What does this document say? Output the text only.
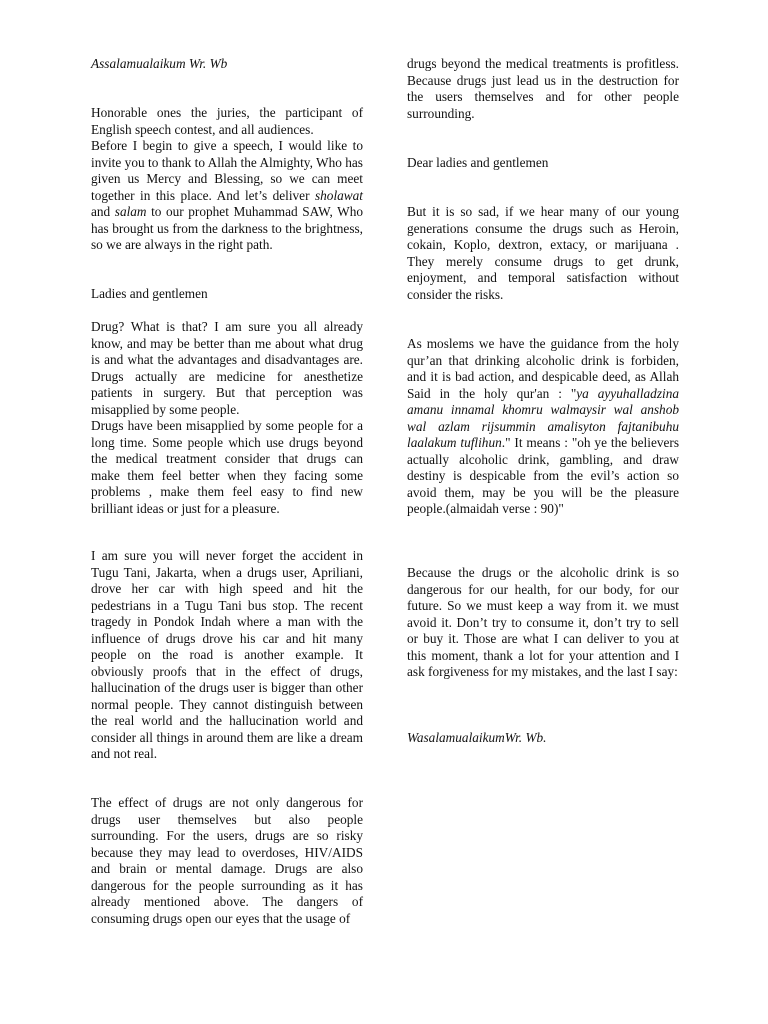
Assalamualaikum Wr. Wb

Honorable ones the juries, the participant of English speech contest, and all audiences.

Before I begin to give a speech, I would like to invite you to thank to Allah the Almighty, Who has given us Mercy and Blessing, so we can meet together in this place. And let’s deliver sholawat and salam to our prophet Muhammad SAW, Who has brought us from the darkness to the brightness, so we are always in the right path.

Ladies and gentlemen

Drug? What is that? I am sure you all already know, and may be better than me about what drug is and what the advantages and disadvantages are. Drugs actually are medicine for anesthetize patients in surgery. But that perception was misapplied by some people.

Drugs have been misapplied by some people for a long time. Some people which use drugs beyond the medical treatment consider that drugs can make them feel better when they facing some problems , make them feel easy to find new brilliant ideas or just for a pleasure.

I am sure you will never forget the accident in Tugu Tani, Jakarta, when a drugs user, Apriliani, drove her car with high speed and hit the pedestrians in a Tugu Tani bus stop. The recent tragedy in Pondok Indah where a man with the influence of drugs drove his car and hit many people on the road is another example. It obviously proofs that in the effect of drugs, hallucination of the drugs user is bigger than other normal people. They cannot distinguish between the real world and the hallucination world and consider all things in around them are like a dream and not real.

The effect of drugs are not only dangerous for drugs user themselves but also people surrounding. For the users, drugs are so risky because they may lead to overdoses, HIV/AIDS and brain or mental damage. Drugs are also dangerous for the people surrounding as it has already mentioned above. The dangers of consuming drugs open our eyes that the usage of

drugs beyond the medical treatments is profitless. Because drugs just lead us in the destruction for the users themselves and for other people surrounding.

Dear ladies and gentlemen

But it is so sad, if we hear many of our young generations consume the drugs such as Heroin, cokain, Koplo, dextron, extacy, or marijuana . They merely consume drugs to get drunk, enjoyment, and temporal satisfaction without consider the risks.

As moslems we have the guidance from the holy qur’an that drinking alcoholic drink is forbiden, and it is bad action, and despicable deed, as Allah Said in the holy qur'an : "ya ayyuhalladzina amanu innamal khomru walmaysir wal anshob wal azlam rijsummin amalisyton fajtanibuhu laalakum tuflihun." It means : "oh ye the believers actually alcoholic drink, gambling, and draw destiny is despicable from the evil’s action so avoid them, may be you will be the pleasure people.(almaidah verse : 90)"

Because the drugs or the alcoholic drink is so dangerous for our health, for our body, for our future. So we must keep a way from it. we must avoid it. Don’t try to consume it, don’t try to sell or buy it. Those are what I can deliver to you at this moment, thank a lot for your attention and I ask forgiveness for my mistakes, and the last I say:

WasalamualaikumWr. Wb.
